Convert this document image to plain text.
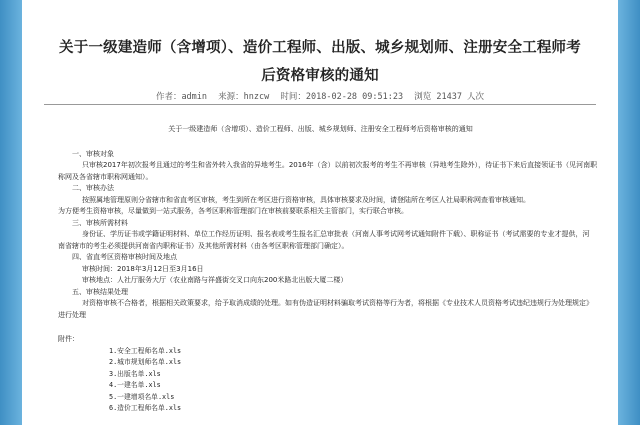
关于一级建造师（含增项）、造价工程师、出版、城乡规划师、注册安全工程师考
后资格审核的通知
作者：admin 来源：hnzcw 时间：2018-02-28 09:51:23 浏览 21437 人次

关于一级建造师（含增项）、造价工程师、出版、城乡规划师、注册安全工程师考后资格审核的通知

一、审核对象

只审核2017年初次报考且通过的考生和省外转入我省的异地考生。2016年（含）以前初次报考的考生不再审核（异地考生除外），待证书下来后直接领证书（见河南职

称网及各省辖市职称网通知）。

二、审核办法

按照属地管理原则分省辖市和省直考区审核，考生到所在考区进行资格审核，具体审核要求及时间，请登陆所在考区人社局职称网查看审核通知。

为方便考生资格审核，尽量做到一站式服务，各考区职称管理部门在审核前要联系相关主管部门，实行联合审核。

三、审核所需材料

身份证、学历证书或学籍证明材料、单位工作经历证明、报名表或考生报名汇总审批表（河南人事考试网考试通知附件下载）、职称证书（考试需要的专业才提供，河

南省辖市的考生必须提供河南省内职称证书）及其他所需材料（由各考区职称管理部门确定）。

四、省直考区资格审核时间及地点

审核时间：2018年3月12日至3月16日

审核地点：人社厅服务大厅（农业南路与祥盛街交叉口向东200米路北出版大厦二楼）

五、审核结果处理

对资格审核不合格者，根据相关政策要求，给予取消成绩的处理。如有伪造证明材料骗取考试资格等行为者，将根据《专业技术人员资格考试违纪违规行为处理规定》

进行处理

附件：

1.安全工程师名单.xls

2.城市规划师名单.xls

3.出版名单.xls

4.一建名单.xls

5.一建增项名单.xls

6.造价工程师名单.xls
